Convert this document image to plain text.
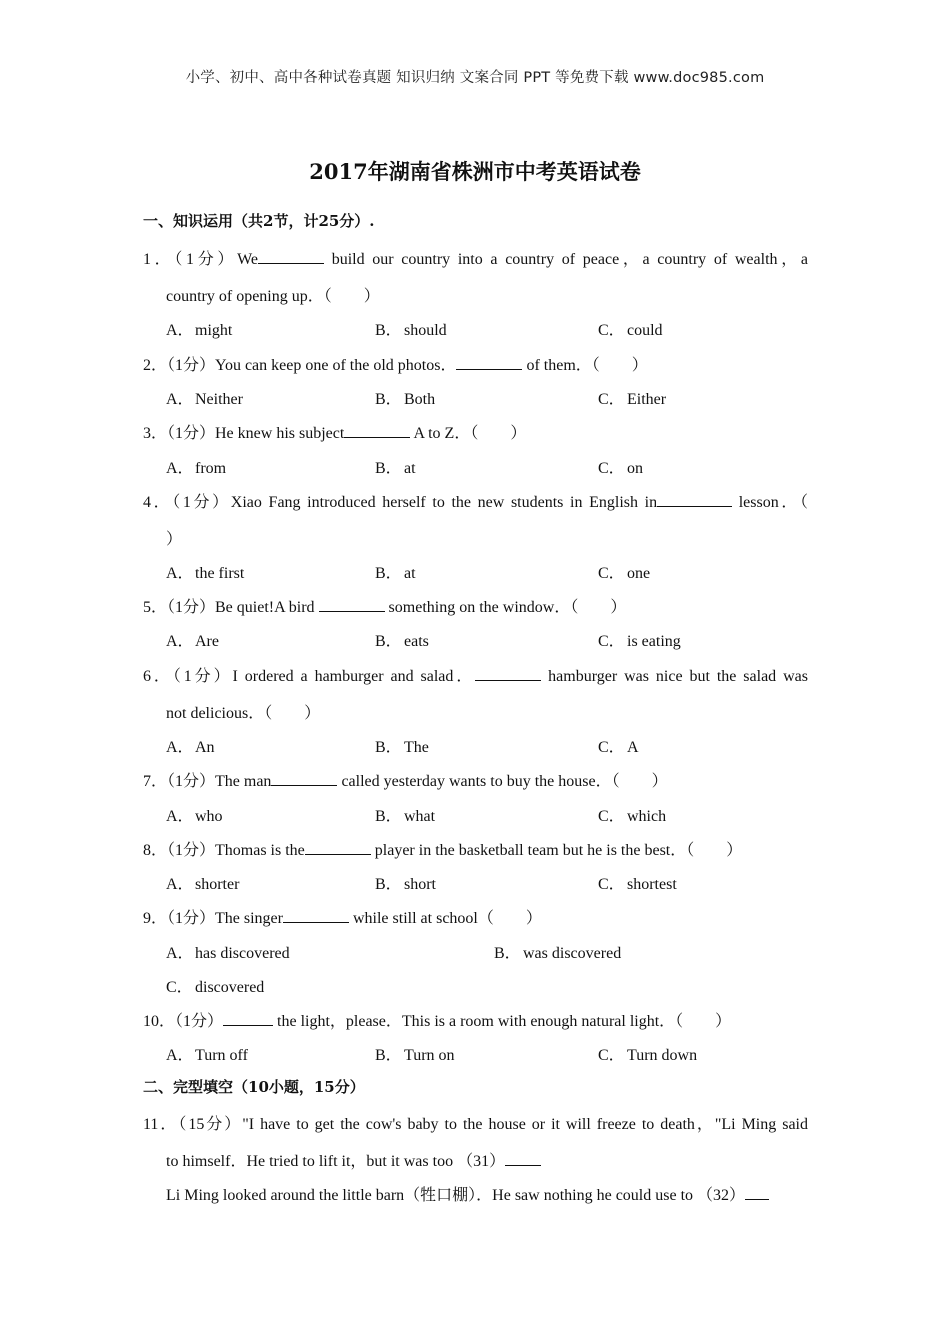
小学、初中、高中各种试卷真题 知识归纳 文案合同 PPT 等免费下载 www.doc985.com
2017年湖南省株洲市中考英语试卷
一、知识运用（共2节，计25分）.
1．（1分）We	build our country into a country of peace，a country of wealth，a
country of opening up．（　　）
A．might	B． should	C． could
2．（1分）You can keep one of the old photos．	of them．（　　）
A．Neither	B． Both	C． Either
3．（1分）He knew his subject	A to Z．（　　）
A．from	B． at	C． on
4．（1分）Xiao Fang introduced herself to the new students in English in	lesson．（
）
A．the first	B． at	C． one
5．（1分）Be quiet!A bird	something on the window．（　　）
A．Are	B． eats	C． is eating
6．（1分）I ordered a hamburger and salad．	hamburger was nice but the salad was
not delicious．（　　）
A．An	B． The	C． A
7．（1分）The man	called yesterday wants to buy the house．（　　）
A．who	B． what	C． which
8．（1分）Thomas is the	player in the basketball team but he is the best．（　　）
A．shorter	B． short	C． shortest
9．（1分）The singer	while still at school（　　）
A．has discovered	B． was discovered
C． discovered
10．（1分）	the light，please．This is a room with enough natural light．（　　）
A．Turn off	B． Turn on	C． Turn down
二、完型填空（10小题，15分）
11．（15分）"I have to get the cow's baby to the house or it will freeze to death，"Li Ming said
to himself．He tried to lift it，but it was too （31）
Li Ming looked around the little barn（牲口棚）．He saw nothing he could use to （32）
